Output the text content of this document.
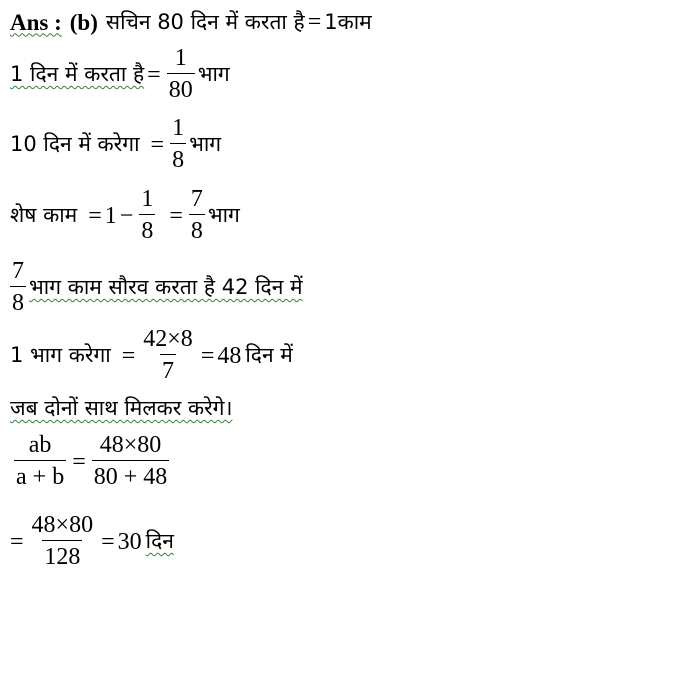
Ans : (b) सचिन 80 दिन में करता है = 1काम
1 दिन में करता है = $\frac{1}{80}$ भाग
10 दिन में करेगा = $\frac{1}{8}$ भाग
शेष काम = $1 - \frac{1}{8} = \frac{7}{8}$ भाग
$\frac{7}{8}$ भाग काम सौरव करता है 42 दिन में
1 भाग करेगा = $\frac{42\times 8}{7} = 48$ दिन में
जब दोनों साथ मिलकर करेगे।
$\frac{ab}{a + b} = \frac{48\times 80}{80 + 48}$
= $\frac{48\times 80}{128} = 30$ दिन
